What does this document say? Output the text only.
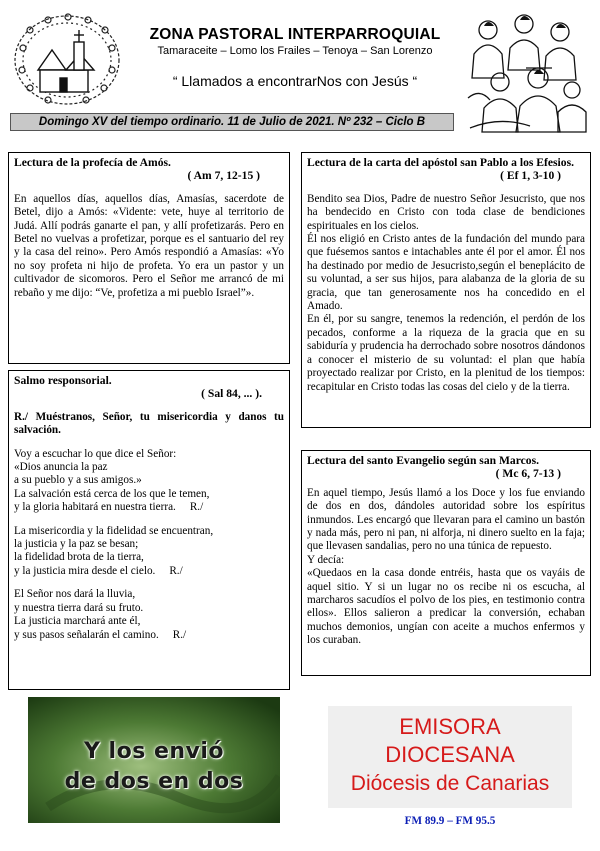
ZONA PASTORAL INTERPARROQUIAL
Tamaraceite – Lomo los Frailes – Tenoya – San Lorenzo
“ Llamados a encontrarNos con Jesús “
Domingo XV del tiempo ordinario. 11 de Julio de 2021. Nº 232 – Ciclo B

Lectura de la profecía de Amós.

( Am 7, 12-15 )

En aquellos días, aquellos días, Amasías, sacerdote de Betel, dijo a Amós: «Vidente: vete, huye al territorio de Judá. Allí podrás ganarte el pan, y allí profetizarás. Pero en Betel no vuelvas a profetizar, porque es el santuario del rey y la casa del reino». Pero Amós respondió a Amasías: «Yo no soy profeta ni hijo de profeta. Yo era un pastor y un cultivador de sicomoros. Pero el Señor me arrancó de mi rebaño y me dijo: “Ve, profetiza a mi pueblo Israel”».

Salmo responsorial.

( Sal 84, ... ).

R./ Muéstranos, Señor, tu misericordia y danos tu salvación.

Voy a escuchar lo que dice el Señor:

«Dios anuncia la paz

a su pueblo y a sus amigos.»

La salvación está cerca de los que le temen,

y la gloria habitará en nuestra tierra.     R./

La misericordia y la fidelidad se encuentran,

la justicia y la paz se besan;

la fidelidad brota de la tierra,

y la justicia mira desde el cielo.     R./

El Señor nos dará la lluvia,

y nuestra tierra dará su fruto.

La justicia marchará ante él,

y sus pasos señalarán el camino.     R./

Lectura de la carta del apóstol san Pablo a los Efesios.

( Ef 1, 3-10 )

Bendito sea Dios, Padre de nuestro Señor Jesucristo, que nos ha bendecido en Cristo con toda clase de bendiciones espirituales en los cielos.

Él nos eligió en Cristo antes de la fundación del mundo para que fuésemos santos e intachables ante él por el amor. Él nos ha destinado por medio de Jesucristo,según el beneplácito de su voluntad, a ser sus hijos, para alabanza de la gloria de su gracia, que tan generosamente nos ha concedido en el Amado.

En él, por su sangre, tenemos la redención, el perdón de los pecados, conforme a la riqueza de la gracia que en su sabiduría y prudencia ha derrochado sobre nosotros dándonos a conocer el misterio de su voluntad: el plan que había proyectado realizar por Cristo, en la plenitud de los tiempos: recapitular en Cristo todas las cosas del cielo y de la tierra.

Lectura del santo Evangelio según san Marcos.

( Mc 6, 7-13 )

En aquel tiempo, Jesús llamó a los Doce y los fue enviando de dos en dos, dándoles autoridad sobre los espíritus inmundos. Les encargó que llevaran para el camino un bastón y nada más, pero ni pan, ni alforja, ni dinero suelto en la faja; que llevasen sandalias, pero no una túnica de repuesto.

Y decía:

«Quedaos en la casa donde entréis, hasta que os vayáis de aquel sitio. Y si un lugar no os recibe ni os escucha, al marcharos sacudíos el polvo de los pies, en testimonio contra ellos». Ellos salieron a predicar la conversión, echaban muchos demonios, ungían con aceite a muchos enfermos y los curaban.

Y los envió
de dos en dos
EMISORA
DIOCESANA
Diócesis de Canarias
FM 89.9 – FM 95.5
